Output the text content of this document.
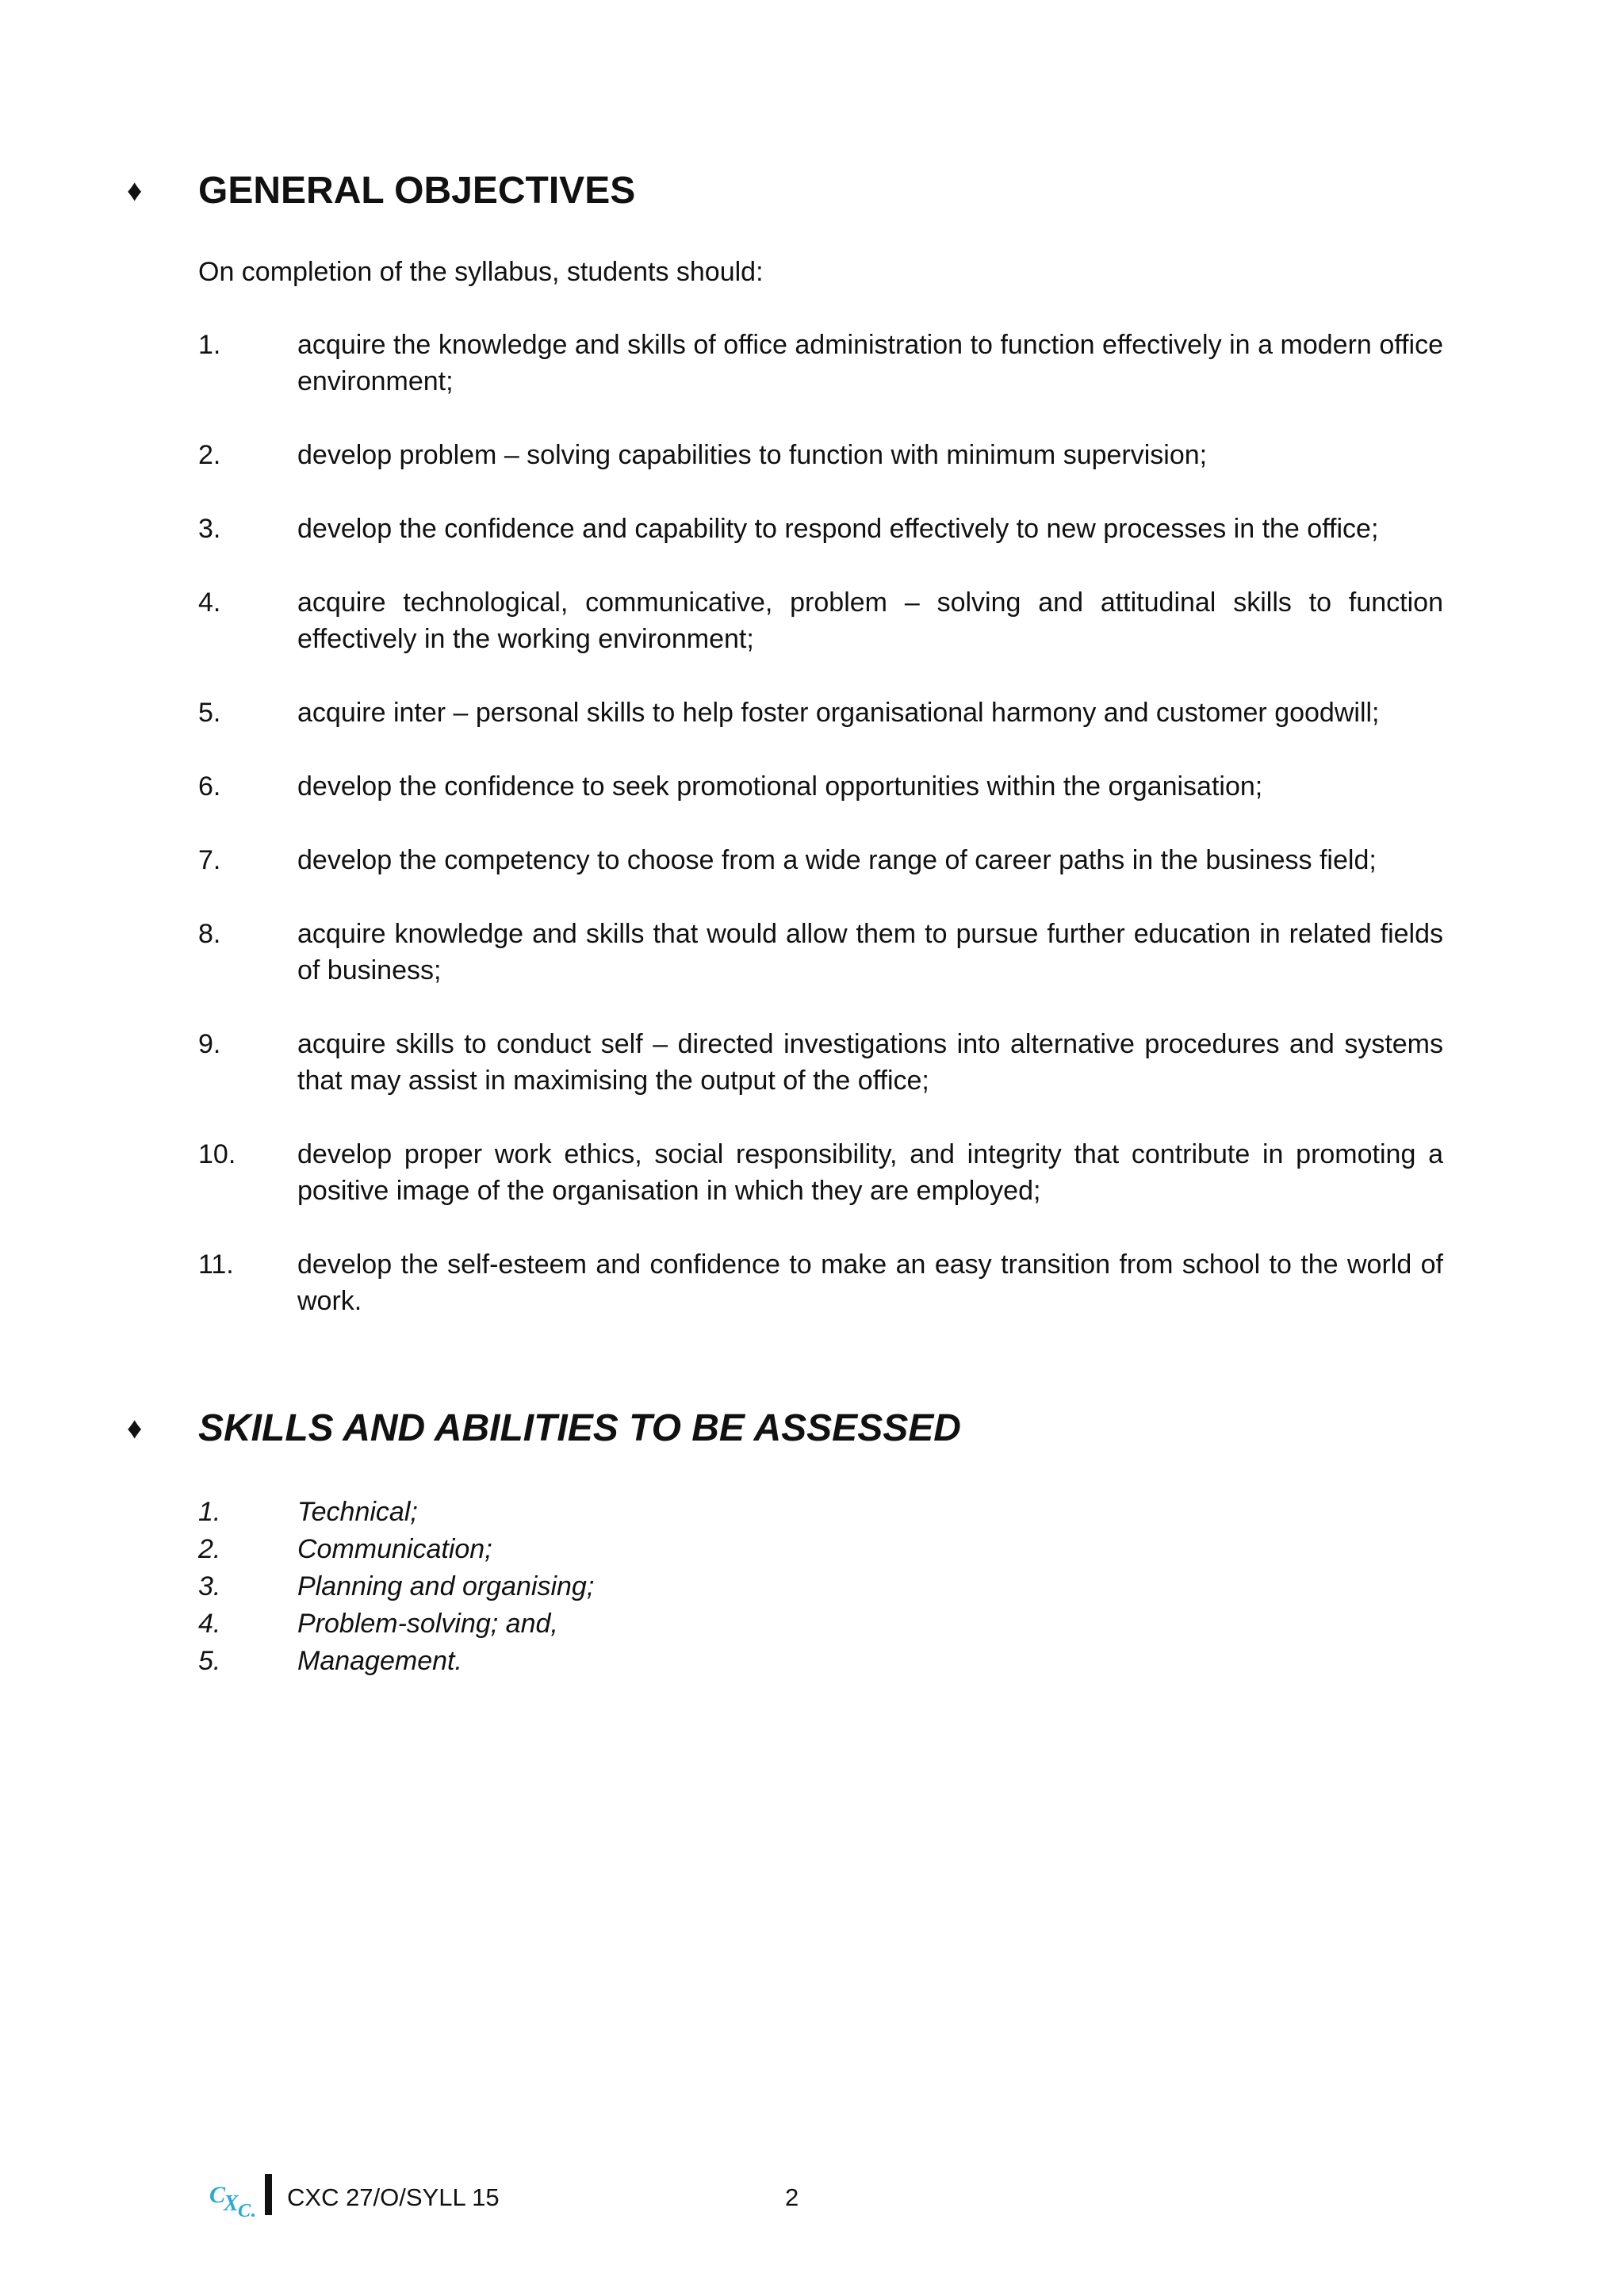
♦ GENERAL OBJECTIVES
On completion of the syllabus, students should:
1.	acquire the knowledge and skills of office administration to function effectively in a modern office environment;
2.	develop problem – solving capabilities to function with minimum supervision;
3.	develop the confidence and capability to respond effectively to new processes in the office;
4.	acquire technological, communicative, problem – solving and attitudinal skills to function effectively in the working environment;
5.	acquire inter – personal skills to help foster organisational harmony and customer goodwill;
6.	develop the confidence to seek promotional opportunities within the organisation;
7.	develop the competency to choose from a wide range of career paths in the business field;
8.	acquire knowledge and skills that would allow them to pursue further education in related fields of business;
9.	acquire skills to conduct self – directed investigations into alternative procedures and systems that may assist in maximising the output of the office;
10. develop proper work ethics, social responsibility, and integrity that contribute in promoting a positive image of the organisation in which they are employed;
11. develop the self-esteem and confidence to make an easy transition from school to the world of work.
♦ SKILLS AND ABILITIES TO BE ASSESSED
1.	Technical;
2.	Communication;
3.	Planning and organising;
4.	Problem-solving; and,
5.	Management.
C
X C CXC 27/O/SYLL 15	2
